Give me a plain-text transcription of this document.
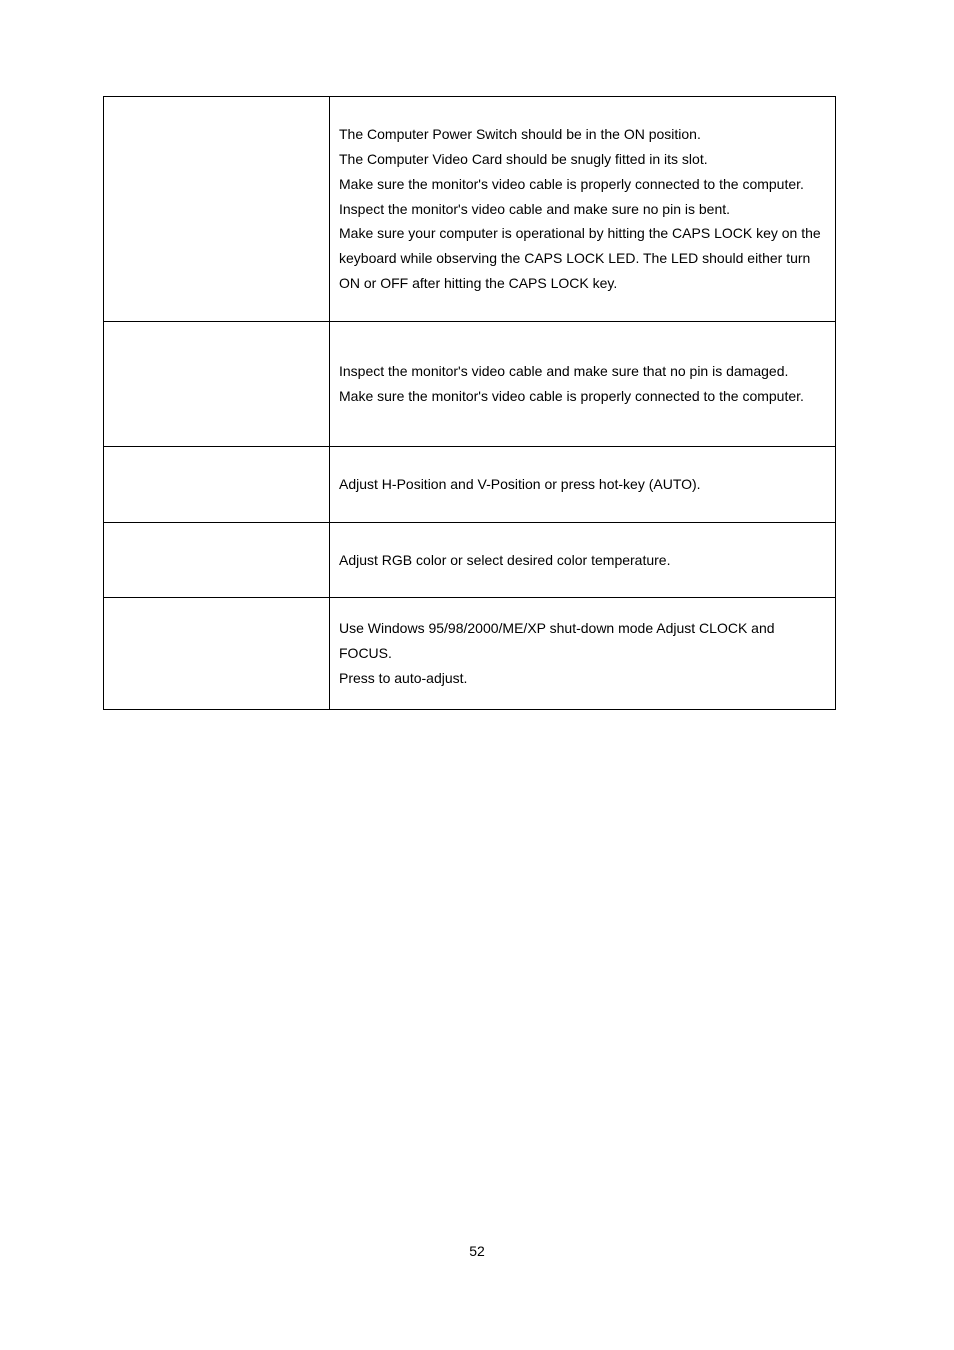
	The Computer Power Switch should be in the ON position.
The Computer Video Card should be snugly fitted in its slot.
Make sure the monitor's video cable is properly connected to the computer.
Inspect the monitor's video cable and make sure no pin is bent.
Make sure your computer is operational by hitting the CAPS LOCK key on the keyboard while observing the CAPS LOCK LED. The LED should either turn ON or OFF after hitting the CAPS LOCK key.

	Inspect the monitor's video cable and make sure that no pin is damaged.
Make sure the monitor's video cable is properly connected to the computer.

	Adjust H-Position and V-Position or press hot-key (AUTO).

	Adjust RGB color or select desired color temperature.

	Use Windows 95/98/2000/ME/XP shut-down mode Adjust CLOCK and FOCUS.
Press to auto-adjust.
52
